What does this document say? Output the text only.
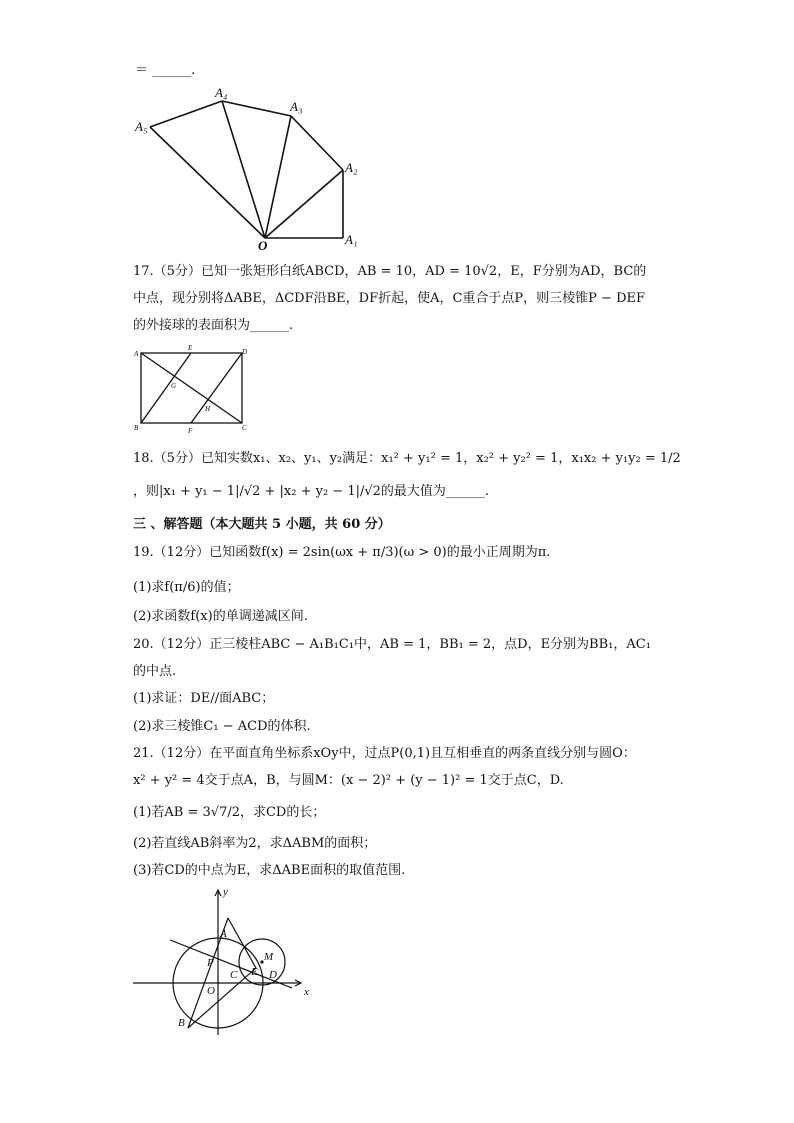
＝ ______.
A₁
A₂
A₃
A₄
A₅
O
17.（5分）已知一张矩形白纸ABCD，AB = 10，AD = 10√2，E，F分别为AD，BC的
中点，现分别将ΔABE，ΔCDF沿BE，DF折起，使A，C重合于点P，则三棱锥P − DEF
的外接球的表面积为______.
A
E	D
G
H
B	F	C
18.（5分）已知实数x₁、x₂、y₁、y₂满足：x₁² + y₁² = 1，x₂² + y₂² = 1，x₁x₂ + y₁y₂ = 1/2
，则|x₁ + y₁ − 1|/√2 + |x₂ + y₂ − 1|/√2的最大值为______.
三 、解答题（本大题共 5 小题，共 60 分）
19.（12分）已知函数f(x) = 2sin(ωx + π/3)(ω > 0)的最小正周期为π.
(1)求f(π/6)的值；
(2)求函数f(x)的单调递减区间.
20.（12分）正三棱柱ABC − A₁B₁C₁中，AB = 1，BB₁ = 2，点D，E分别为BB₁，AC₁
的中点.
(1)求证：DE//面ABC；
(2)求三棱锥C₁ − ACD的体积.
21.（12分）在平面直角坐标系xOy中，过点P(0,1)且互相垂直的两条直线分别与圆O：
x² + y² = 4交于点A，B，与圆M：(x − 2)² + (y − 1)² = 1交于点C，D.
(1)若AB = 3√7/2，求CD的长；
(2)若直线AB斜率为2，求ΔABM的面积；
(3)若CD的中点为E，求ΔABE面积的取值范围.
y
x
O
A
B
P
C E D
M
